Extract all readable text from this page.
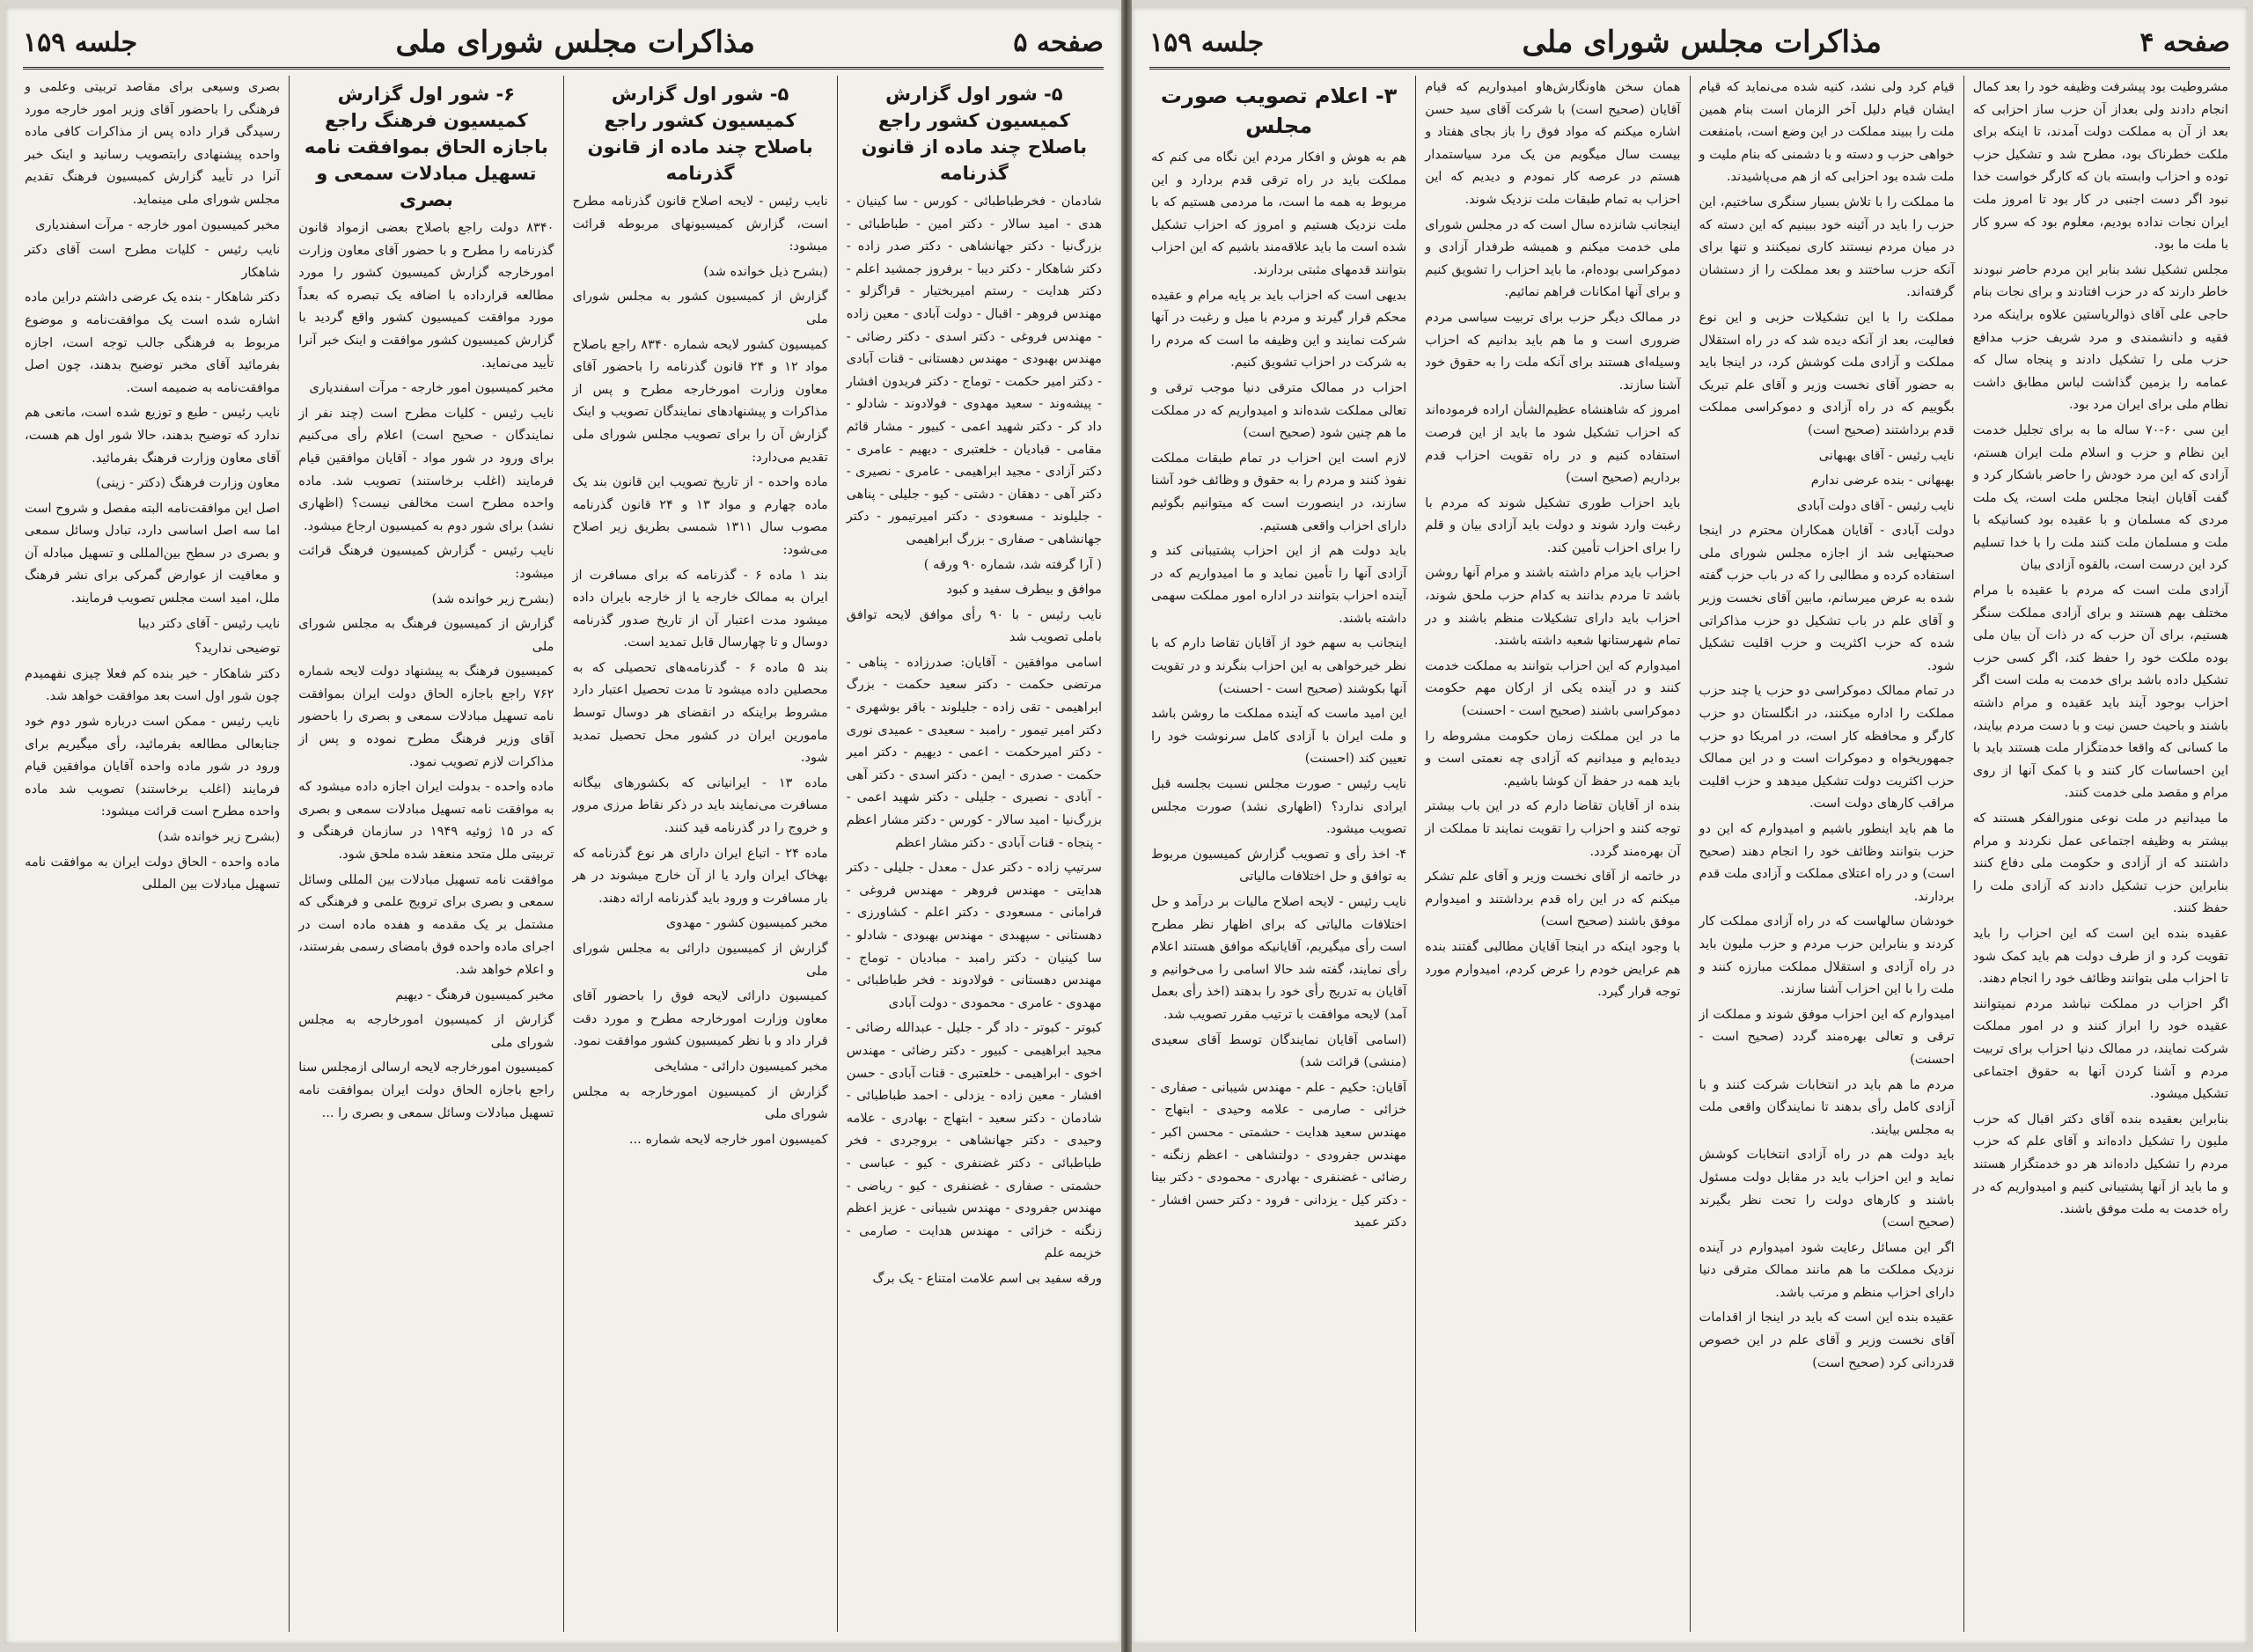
صفحه ۵
مذاکرات مجلس شورای ملی
جلسه ۱۵۹
۵- شور اول گزارش کمیسیون کشور راجع باصلاح چند ماده از قانون گذرنامه

شادمان - فخرطباطبائی - کورس - سا کینیان - هدی - امید سالار - دکتر امین - طباطبائی - بزرگ‌نیا - دکتر جهانشاهی - دکتر صدر زاده - دکتر شاهکار - دکتر دیبا - برفروز جمشید اعلم - دکتر هدایت - رستم امیربختیار - قراگزلو - مهندس فروهر - اقبال - دولت آبادی - معین زاده - مهندس فروغی - دکتر اسدی - دکتر رضائی - مهندس بهبودی - مهندس دهستانی - قنات آبادی - دکتر امیر حکمت - توماج - دکتر فریدون افشار - پیشه‌وند - سعید مهدوی - فولادوند - شادلو - داد کر - دکتر شهید اعمی - کبیور - مشار قائم مقامی - قبادیان - خلعتبری - دیهیم - عامری - دکتر آزادی - مجید ابراهیمی - عامری - نصیری - دکتر آهی - دهقان - دشتی - کیو - جلیلی - پناهی - جلیلوند - مسعودی - دکتر امیرتیمور - دکتر جهانشاهی - صفاری - بزرگ ابراهیمی

( آرا گرفته شد، شماره ۹۰ ورقه )

موافق و بیطرف سفید و کبود

نایب رئیس - با ۹۰ رأی موافق لایحه توافق باملی تصویب شد

اسامی موافقین - آقایان: صدرزاده - پناهی - مرتضی حکمت - دکتر سعید حکمت - بزرگ ابراهیمی - تقی زاده - جلیلوند - باقر بوشهری - دکتر امیر تیمور - رامبد - سعیدی - عمیدی نوری - دکتر امیرحکمت - اعمی - دیهیم - دکتر امیر حکمت - صدری - ایمن - دکتر اسدی - دکتر آهی - آبادی - نصیری - جلیلی - دکتر شهید اعمی - بزرگ‌نیا - امید سالار - کورس - دکتر مشار اعظم - پنجاه - قنات آبادی - دکتر مشار اعظم

سرتیپ زاده - دکتر عدل - معدل - جلیلی - دکتر هدایتی - مهندس فروهر - مهندس فروغی - فرامانی - مسعودی - دکتر اعلم - کشاورزی - دهستانی - سپهبدی - مهندس بهبودی - شادلو - سا کینیان - دکتر رامبد - مبادیان - توماج - مهندس دهستانی - فولادوند - فخر طباطبائی - مهدوی - عامری - محمودی - دولت آبادی

کبوتر - کبوتر - داد گر - جلیل - عبدالله رضائی - مجید ابراهیمی - کبیور - دکتر رضائی - مهندس اخوی - ابراهیمی - خلعتبری - قنات آبادی - حسن افشار - معین زاده - یزدلی - احمد طباطبائی - شادمان - دکتر سعید - ابتهاج - بهادری - علامه وحیدی - دکتر جهانشاهی - بروجردی - فخر طباطبائی - دکتر غضنفری - کیو - عباسی - حشمتی - صفاری - غضنفری - کیو - ریاضی - مهندس جفرودی - مهندس شیبانی - عزیز اعظم زنگنه - خزائی - مهندس هدایت - صارمی - خزیمه علم

ورقه سفید بی اسم علامت امتناع - یک برگ

۵- شور اول گزارش کمیسیون کشور راجع باصلاح چند ماده از قانون گذرنامه

نایب رئیس - لایحه اصلاح قانون گذرنامه مطرح است، گزارش کمیسیونهای مربوطه قرائت میشود:

(بشرح ذیل خوانده شد)

گزارش از کمیسیون کشور به مجلس شورای ملی

کمیسیون کشور لایحه شماره ۸۳۴۰ راجع باصلاح مواد ۱۲ و ۲۴ قانون گذرنامه را باحضور آقای معاون وزارت امورخارجه مطرح و پس از مذاکرات و پیشنهادهای نمایندگان تصویب و اینک گزارش آن را برای تصویب مجلس شورای ملی تقدیم می‌دارد:

ماده واحده - از تاریخ تصویب این قانون بند یک ماده چهارم و مواد ۱۳ و ۲۴ قانون گذرنامه مصوب سال ۱۳۱۱ شمسی بطریق زیر اصلاح می‌شود:

بند ۱ ماده ۶ - گذرنامه که برای مسافرت از ایران به ممالک خارجه یا از خارجه بایران داده میشود مدت اعتبار آن از تاریخ صدور گذرنامه دوسال و تا چهارسال قابل تمدید است.

بند ۵ ماده ۶ - گذرنامه‌های تحصیلی که به محصلین داده میشود تا مدت تحصیل اعتبار دارد مشروط براینکه در انقضای هر دوسال توسط مامورین ایران در کشور محل تحصیل تمدید شود.

ماده ۱۳ - ایرانیانی که بکشورهای بیگانه مسافرت می‌نمایند باید در ذکر نقاط مرزی مرور و خروج را در گذرنامه قید کنند.

ماده ۲۴ - اتباع ایران دارای هر نوع گذرنامه که بهخاک ایران وارد یا از آن خارج میشوند در هر بار مسافرت و ورود باید گذرنامه ارائه دهند.

مخبر کمیسیون کشور - مهدوی

گزارش از کمیسیون دارائی به مجلس شورای ملی

کمیسیون دارائی لایحه فوق را باحضور آقای معاون وزارت امورخارجه مطرح و مورد دقت قرار داد و با نظر کمیسیون کشور موافقت نمود.

مخبر کمیسیون دارائی - مشایخی

گزارش از کمیسیون امورخارجه به مجلس شورای ملی

کمیسیون امور خارجه لایحه شماره ...

۶- شور اول گزارش کمیسیون فرهنگ راجع باجازه الحاق بموافقت نامه تسهیل مبادلات سمعی و بصری

۸۳۴۰ دولت راجع باصلاح بعضی ازمواد قانون گذرنامه را مطرح و با حضور آقای معاون وزارت امورخارجه گزارش کمیسیون کشور را مورد مطالعه قرارداده با اضافه یک تبصره که بعداً مورد موافقت کمیسیون کشور واقع گردید با گزارش کمیسیون کشور موافقت و اینک خبر آنرا تأیید می‌نماید.

مخبر کمیسیون امور خارجه - مرآت اسفندیاری

نایب رئیس - کلیات مطرح است (چند نفر از نمایندگان - صحیح است) اعلام رأی می‌کنیم برای ورود در شور مواد - آقایان موافقین قیام فرمایند (اغلب برخاستند) تصویب شد. ماده واحده مطرح است مخالفی نیست؟ (اظهاری نشد) برای شور دوم به کمیسیون ارجاع میشود.

نایب رئیس - گزارش کمیسیون فرهنگ قرائت میشود:

(بشرح زیر خوانده شد)

گزارش از کمیسیون فرهنگ به مجلس شورای ملی

کمیسیون فرهنگ به پیشنهاد دولت لایحه شماره ۷۶۲ راجع باجازه الحاق دولت ایران بموافقت نامه تسهیل مبادلات سمعی و بصری را باحضور آقای وزیر فرهنگ مطرح نموده و پس از مذاکرات لازم تصویب نمود.

ماده واحده - بدولت ایران اجازه داده میشود که به موافقت نامه تسهیل مبادلات سمعی و بصری که در ۱۵ ژوئیه ۱۹۴۹ در سازمان فرهنگی و تربیتی ملل متحد منعقد شده ملحق شود.

موافقت نامه تسهیل مبادلات بین المللی وسائل سمعی و بصری برای ترویج علمی و فرهنگی که مشتمل بر یک مقدمه و هفده ماده است در اجرای ماده واحده فوق بامضای رسمی بفرستند، و اعلام خواهد شد.

مخبر کمیسیون فرهنگ - دیهیم

گزارش از کمیسیون امورخارجه به مجلس شورای ملی

کمیسیون امورخارجه لایحه ارسالی ازمجلس سنا راجع باجازه الحاق دولت ایران بموافقت نامه تسهیل مبادلات وسائل سمعی و بصری را ...

بصری وسیعی برای مقاصد تربیتی وعلمی و فرهنگی را باحضور آقای وزیر امور خارجه مورد رسیدگی قرار داده پس از مذاکرات کافی ماده واحده پیشنهادی رابتصویب رسانید و اینک خبر آنرا در تأیید گزارش کمیسیون فرهنگ تقدیم مجلس شورای ملی مینماید.

مخبر کمیسیون امور خارجه - مرآت اسفندیاری

نایب رئیس - کلیات مطرح است آقای دکتر شاهکار

دکتر شاهکار - بنده یک عرضی داشتم دراین ماده اشاره شده است یک موافقت‌نامه و موضوع مربوط به فرهنگی جالب توجه است، اجازه بفرمائید آقای مخبر توضیح بدهند، چون اصل موافقت‌نامه به ضمیمه است.

نایب رئیس - طبع و توزیع شده است، مانعی هم ندارد که توضیح بدهند، حالا شور اول هم هست، آقای معاون وزارت فرهنگ بفرمائید.

معاون وزارت فرهنگ (دکتر - زینی)

اصل این موافقت‌نامه البته مفصل و شروح است اما سه اصل اساسی دارد، تبادل وسائل سمعی و بصری در سطح بین‌المللی و تسهیل مبادله آن و معافیت از عوارض گمرکی برای نشر فرهنگ ملل، امید است مجلس تصویب فرمایند.

نایب رئیس - آقای دکتر دیبا

توضیحی ندارید؟

دکتر شاهکار - خیر بنده کم فعلا چیزی نفهمیدم چون شور اول است بعد موافقت خواهد شد.

نایب رئیس - ممکن است درباره شور دوم خود جنابعالی مطالعه بفرمائید، رأی میگیریم برای ورود در شور ماده واحده آقایان موافقین قیام فرمایند (اغلب برخاستند) تصویب شد ماده واحده مطرح است قرائت میشود:

(بشرح زیر خوانده شد)

ماده واحده - الحاق دولت ایران به موافقت نامه تسهیل مبادلات بین المللی

صفحه ۴
مذاکرات مجلس شورای ملی
جلسه ۱۵۹

مشروطیت بود پیشرفت وظیفه خود را بعد کمال انجام دادند ولی بعداز آن حزب ساز احزابی که بعد از آن به مملکت دولت آمدند، تا اینکه برای ملکت خطرناک بود، مطرح شد و تشکیل حزب توده و احزاب وابسته بان که کارگر خواست خدا نبود اگر دست اجنبی در کار بود تا امروز ملت ایران نجات نداده بودیم، معلوم بود که سرو کار با ملت ما بود.

مجلس تشکیل نشد بنابر این مردم حاضر نبودند خاطر دارند که در حزب افتادند و برای نجات بنام حاجی علی آقای ذوالریاستین علاوه براینکه مرد فقیه و دانشمندی و مرد شریف حزب مدافع حزب ملی را تشکیل دادند و پنجاه سال که عمامه را بزمین گذاشت لباس مطابق داشت نظام ملی برای ایران مرد بود.

این سی ۶۰-۷۰ ساله ما به برای تجلیل خدمت این نظام و حزب و اسلام ملت ایران هستم، آزادی که این مرد خودش را حاضر باشکار کرد و گفت آقایان اینجا مجلس ملت است، یک ملت مردی که مسلمان و با عقیده بود کسانیکه با ملت و مسلمان ملت کنند ملت را با خدا تسلیم کرد این درست است، بالقوه آزادی بیان

آزادی ملت است که مردم با عقیده با مرام مختلف بهم هستند و برای آزادی مملکت سنگر هستیم، برای آن حزب که در ذات آن بیان ملی بوده ملکت خود را حفظ کند، اگر کسی حزب تشکیل داده باشد برای خدمت به ملت است اگر احزاب بوجود آیند باید عقیده و مرام داشته باشند و باحیث حسن نیت و با دست مردم بیایند، ما کسانی که واقعا خدمتگزار ملت هستند باید با این احساسات کار کنند و با کمک آنها از روی مرام و مقصد ملی خدمت کنند.

ما میدانیم در ملت نوعی منورالفکر هستند که بیشتر به وظیفه اجتماعی عمل نکردند و مرام داشتند که از آزادی و حکومت ملی دفاع کنند بنابراین حزب تشکیل دادند که آزادی ملت را حفظ کنند.

عقیده بنده این است که این احزاب را باید تقویت کرد و از طرف دولت هم باید کمک شود تا احزاب ملی بتوانند وظائف خود را انجام دهند.

اگر احزاب در مملکت نباشد مردم نمیتوانند عقیده خود را ابراز کنند و در امور مملکت شرکت نمایند، در ممالک دنیا احزاب برای تربیت مردم و آشنا کردن آنها به حقوق اجتماعی تشکیل میشود.

بنابراین بعقیده بنده آقای دکتر اقبال که حزب ملیون را تشکیل داده‌اند و آقای علم که حزب مردم را تشکیل داده‌اند هر دو خدمتگزار هستند و ما باید از آنها پشتیبانی کنیم و امیدواریم که در راه خدمت به ملت موفق باشند.

قیام کرد ولی نشد، کنیه شده می‌نماید که قیام ایشان قیام دلیل آخر الزمان است بنام همین ملت را ببیند مملکت در این وضع است، بامنفعت خواهی حزب و دسته و با دشمنی که بنام ملیت و ملت شده بود احزابی که از هم می‌پاشیدند.

ما مملکت را با تلاش بسیار سنگری ساختیم، این حزب را باید در آئینه خود ببینیم که این دسته که در میان مردم نیستند کاری نمیکنند و تنها برای آنکه حزب ساختند و بعد مملکت را از دستشان گرفته‌اند.

مملکت را با این تشکیلات حزبی و این نوع فعالیت، بعد از آنکه دیده شد که در راه استقلال مملکت و آزادی ملت کوشش کرد، در اینجا باید به حضور آقای نخست وزیر و آقای علم تبریک بگوییم که در راه آزادی و دموکراسی مملکت قدم برداشتند (صحیح است)

نایب رئیس - آقای بهبهانی

بهبهانی - بنده عرضی ندارم

نایب رئیس - آقای دولت آبادی

دولت آبادی - آقایان همکاران محترم در اینجا صحبتهایی شد از اجازه مجلس شورای ملی استفاده کرده و مطالبی را که در باب حزب گفته شده به عرض میرسانم، مابین آقای نخست وزیر و آقای علم در باب تشکیل دو حزب مذاکراتی شده که حزب اکثریت و حزب اقلیت تشکیل شود.

در تمام ممالک دموکراسی دو حزب یا چند حزب مملکت را اداره میکنند، در انگلستان دو حزب کارگر و محافظه کار است، در امریکا دو حزب جمهوریخواه و دموکرات است و در این ممالک حزب اکثریت دولت تشکیل میدهد و حزب اقلیت مراقب کارهای دولت است.

ما هم باید اینطور باشیم و امیدوارم که این دو حزب بتوانند وظائف خود را انجام دهند (صحیح است) و در راه اعتلای مملکت و آزادی ملت قدم بردارند.

خودشان سالهاست که در راه آزادی مملکت کار کردند و بنابراین حزب مردم و حزب ملیون باید در راه آزادی و استقلال مملکت مبارزه کنند و ملت را با این احزاب آشنا سازند.

امیدوارم که این احزاب موفق شوند و مملکت از ترقی و تعالی بهره‌مند گردد (صحیح است - احسنت)

مردم ما هم باید در انتخابات شرکت کنند و با آزادی کامل رأی بدهند تا نمایندگان واقعی ملت به مجلس بیایند.

باید دولت هم در راه آزادی انتخابات کوشش نماید و این احزاب باید در مقابل دولت مسئول باشند و کارهای دولت را تحت نظر بگیرند (صحیح است)

اگر این مسائل رعایت شود امیدوارم در آینده نزدیک مملکت ما هم مانند ممالک مترقی دنیا دارای احزاب منظم و مرتب باشد.

عقیده بنده این است که باید در اینجا از اقدامات آقای نخست وزیر و آقای علم در این خصوص قدردانی کرد (صحیح است)

همان سخن هاونگارش‌هاو امیدواریم که قیام آقایان (صحیح است) با شرکت آقای سید حسن اشاره میکنم که مواد فوق را باز بجای هفتاد و بیست سال میگویم من یک مرد سیاستمدار هستم در عرصه کار نمودم و دیدیم که این احزاب به تمام طبقات ملت نزدیک شوند.

اینجانب شانزده سال است که در مجلس شورای ملی خدمت میکنم و همیشه طرفدار آزادی و دموکراسی بوده‌ام، ما باید احزاب را تشویق کنیم و برای آنها امکانات فراهم نمائیم.

در ممالک دیگر حزب برای تربیت سیاسی مردم ضروری است و ما هم باید بدانیم که احزاب وسیله‌ای هستند برای آنکه ملت را به حقوق خود آشنا سازند.

امروز که شاهنشاه عظیم‌الشأن اراده فرموده‌اند که احزاب تشکیل شود ما باید از این فرصت استفاده کنیم و در راه تقویت احزاب قدم برداریم (صحیح است)

باید احزاب طوری تشکیل شوند که مردم با رغبت وارد شوند و دولت باید آزادی بیان و قلم را برای احزاب تأمین کند.

احزاب باید مرام داشته باشند و مرام آنها روشن باشد تا مردم بدانند به کدام حزب ملحق شوند، احزاب باید دارای تشکیلات منظم باشند و در تمام شهرستانها شعبه داشته باشند.

امیدوارم که این احزاب بتوانند به مملکت خدمت کنند و در آینده یکی از ارکان مهم حکومت دموکراسی باشند (صحیح است - احسنت)

ما در این مملکت زمان حکومت مشروطه را دیده‌ایم و میدانیم که آزادی چه نعمتی است و باید همه در حفظ آن کوشا باشیم.

بنده از آقایان تقاضا دارم که در این باب بیشتر توجه کنند و احزاب را تقویت نمایند تا مملکت از آن بهره‌مند گردد.

در خاتمه از آقای نخست وزیر و آقای علم تشکر میکنم که در این راه قدم برداشتند و امیدوارم موفق باشند (صحیح است)

با وجود اینکه در اینجا آقایان مطالبی گفتند بنده هم عرایض خودم را عرض کردم، امیدوارم مورد توجه قرار گیرد.

۳- اعلام تصویب صورت مجلس

هم به هوش و افکار مردم این نگاه می کنم که مملکت باید در راه ترقی قدم بردارد و این مربوط به همه ما است، ما مردمی هستیم که با ملت نزدیک هستیم و امروز که احزاب تشکیل شده است ما باید علاقه‌مند باشیم که این احزاب بتوانند قدمهای مثبتی بردارند.

بدیهی است که احزاب باید بر پایه مرام و عقیده محکم قرار گیرند و مردم با میل و رغبت در آنها شرکت نمایند و این وظیفه ما است که مردم را به شرکت در احزاب تشویق کنیم.

احزاب در ممالک مترقی دنیا موجب ترقی و تعالی مملکت شده‌اند و امیدواریم که در مملکت ما هم چنین شود (صحیح است)

لازم است این احزاب در تمام طبقات مملکت نفوذ کنند و مردم را به حقوق و وظائف خود آشنا سازند، در اینصورت است که میتوانیم بگوئیم دارای احزاب واقعی هستیم.

باید دولت هم از این احزاب پشتیبانی کند و آزادی آنها را تأمین نماید و ما امیدواریم که در آینده احزاب بتوانند در اداره امور مملکت سهمی داشته باشند.

اینجانب به سهم خود از آقایان تقاضا دارم که با نظر خیرخواهی به این احزاب بنگرند و در تقویت آنها بکوشند (صحیح است - احسنت)

این امید ماست که آینده مملکت ما روشن باشد و ملت ایران با آزادی کامل سرنوشت خود را تعیین کند (احسنت)

نایب رئیس - صورت مجلس نسبت بجلسه قبل ایرادی ندارد؟ (اظهاری نشد) صورت مجلس تصویب میشود.

۴- اخذ رأی و تصویب گزارش کمیسیون مربوط به توافق و حل اختلافات مالیاتی

نایب رئیس - لایحه اصلاح مالیات بر درآمد و حل اختلافات مالیاتی که برای اظهار نظر مطرح است رأی میگیریم، آقایانیکه موافق هستند اعلام رأی نمایند، گفته شد حالا اسامی را می‌خوانیم و آقایان به تدریج رأی خود را بدهند (اخذ رأی بعمل آمد) لایحه موافقت با ترتیب مقرر تصویب شد.

(اسامی آقایان نمایندگان توسط آقای سعیدی (منشی) قرائت شد)

آقایان: حکیم - علم - مهندس شیبانی - صفاری - خزائی - صارمی - علامه وحیدی - ابتهاج - مهندس سعید هدایت - حشمتی - محسن اکبر - مهندس جفرودی - دولتشاهی - اعظم زنگنه - رضائی - غضنفری - بهادری - محمودی - دکتر بینا - دکتر کیل - یزدانی - فرود - دکتر حسن افشار - دکتر عمید
